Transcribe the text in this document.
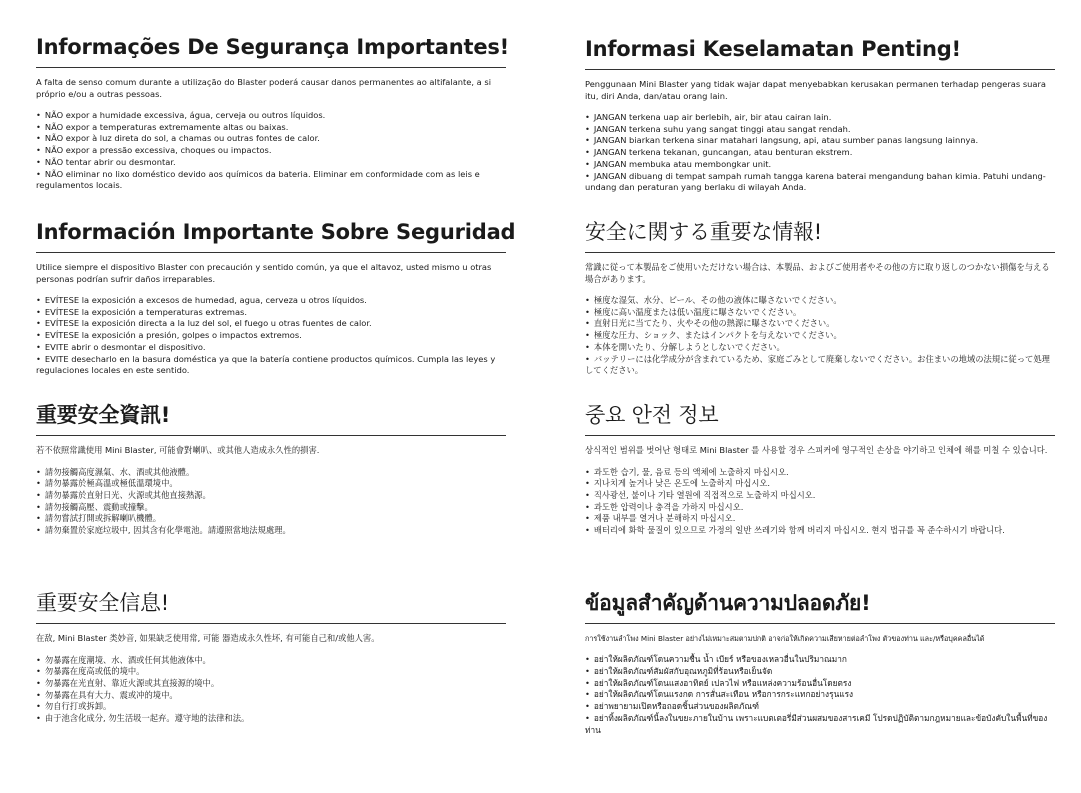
Informações De Segurança Importantes!

A falta de senso comum durante a utilização do Blaster poderá causar danos permanentes ao altifalante, a si próprio e/ou a outras pessoas.

• NÃO expor a humidade excessiva, água, cerveja ou outros líquidos.
• NÃO expor a temperaturas extremamente altas ou baixas.
• NÃO expor à luz direta do sol, a chamas ou outras fontes de calor.
• NÃO expor a pressão excessiva, choques ou impactos.
• NÃO tentar abrir ou desmontar.
• NÃO eliminar no lixo doméstico devido aos químicos da bateria. Eliminar em conformidade com as leis e regulamentos locais.
Información Importante Sobre Seguridad

Utilice siempre el dispositivo Blaster con precaución y sentido común, ya que el altavoz, usted mismo u otras personas podrían sufrir daños irreparables.

• EVÍTESE la exposición a excesos de humedad, agua, cerveza u otros líquidos.
• EVÍTESE la exposición a temperaturas extremas.
• EVÍTESE la exposición directa a la luz del sol, el fuego u otras fuentes de calor.
• EVÍTESE la exposición a presión, golpes o impactos extremos.
• EVITE abrir o desmontar el dispositivo.
• EVITE desecharlo en la basura doméstica ya que la batería contiene productos químicos. Cumpla las leyes y regulaciones locales en este sentido.
重要安全資訊!

若不依照常識使用 Mini Blaster, 可能會對喇叭、或其他人造成永久性的損害.

• 請勿接觸高度濕氣、水、酒或其他液體。
• 請勿暴露於極高溫或極低溫環境中。
• 請勿暴露於直射日光、火源或其他直接熱源。
• 請勿接觸高壓、震動或撞擊。
• 請勿嘗試打開或拆解喇叭機體。
• 請勿棄置於家庭垃圾中, 因其含有化學電池。請遵照當地法規處理。
重要安全信息!

在敌, Mini Blaster 类妙音, 如果缺乏使用常, 可能 器造成永久性坏, 有可能自己和/或他人害。

• 勿暴露在度潮境、水、酒或任何其他液体中。
• 勿暴露在度高或低的境中。
• 勿暴露在光直射、靠近火源或其直接源的境中。
• 勿暴露在具有大力、震或冲的境中。
• 勿自行打或拆卸。
• 由于池含化成分, 勿生活圾一起弃。遵守地的法律和法。
Informasi Keselamatan Penting!

Penggunaan Mini Blaster yang tidak wajar dapat menyebabkan kerusakan permanen terhadap pengeras suara itu, diri Anda, dan/atau orang lain.

• JANGAN terkena uap air berlebih, air, bir atau cairan lain.
• JANGAN terkena suhu yang sangat tinggi atau sangat rendah.
• JANGAN biarkan terkena sinar matahari langsung, api, atau sumber panas langsung lainnya.
• JANGAN terkena tekanan, guncangan, atau benturan ekstrem.
• JANGAN membuka atau membongkar unit.
• JANGAN dibuang di tempat sampah rumah tangga karena baterai mengandung bahan kimia. Patuhi undang-undang dan peraturan yang berlaku di wilayah Anda.
安全に関する重要な情報!

常識に従って本製品をご使用いただけない場合は、本製品、およびご使用者やその他の方に取り返しのつかない損傷を与える場合があります。

• 極度な湿気、水分、ビール、その他の液体に曝さないでください。
• 極度に高い温度または低い温度に曝さないでください。
• 直射日光に当てたり、火やその他の熱源に曝さないでください。
• 極度な圧力、ショック、またはインパクトを与えないでください。
• 本体を開いたり、分解しようとしないでください。
• バッテリーには化学成分が含まれているため、家庭ごみとして廃棄しないでください。お住まいの地域の法規に従って処理してください。
중요 안전 정보

상식적인 범위를 벗어난 형태로 Mini Blaster 를 사용할 경우 스피커에 영구적인 손상을 야기하고 인체에 해를 미칠 수 있습니다.

• 과도한 습기, 물, 음료 등의 액체에 노출하지 마십시오.
• 지나치게 높거나 낮은 온도에 노출하지 마십시오.
• 직사광선, 불이나 기타 열원에 직접적으로 노출하지 마십시오.
• 과도한 압력이나 충격을 가하지 마십시오.
• 제품 내부를 열거나 분해하지 마십시오.
• 배터리에 화학 물질이 있으므로 가정의 일반 쓰레기와 함께 버리지 마십시오. 현지 법규를 꼭 준수하시기 바랍니다.
ข้อมูลสำคัญด้านความปลอดภัย!

การใช้งานลำโพง Mini Blaster อย่างไม่เหมาะสมตามปกติ อาจก่อให้เกิดความเสียหายต่อลำโพง ตัวของท่าน และ/หรือบุคคลอื่นได้

• อย่าให้ผลิตภัณฑ์โดนความชื้น น้ำ เบียร์ หรือของเหลวอื่นในปริมาณมาก
• อย่าให้ผลิตภัณฑ์สัมผัสกับอุณหภูมิที่ร้อนหรือเย็นจัด
• อย่าให้ผลิตภัณฑ์โดนแสงอาทิตย์ เปลวไฟ หรือแหล่งความร้อนอื่นโดยตรง
• อย่าให้ผลิตภัณฑ์โดนแรงกด การสั่นสะเทือน หรือการกระแทกอย่างรุนแรง
• อย่าพยายามเปิดหรือถอดชิ้นส่วนของผลิตภัณฑ์
• อย่าทิ้งผลิตภัณฑ์นี้ลงในขยะภายในบ้าน เพราะแบตเตอรี่มีส่วนผสมของสารเคมี โปรดปฏิบัติตามกฎหมายและข้อบังคับในพื้นที่ของท่าน
